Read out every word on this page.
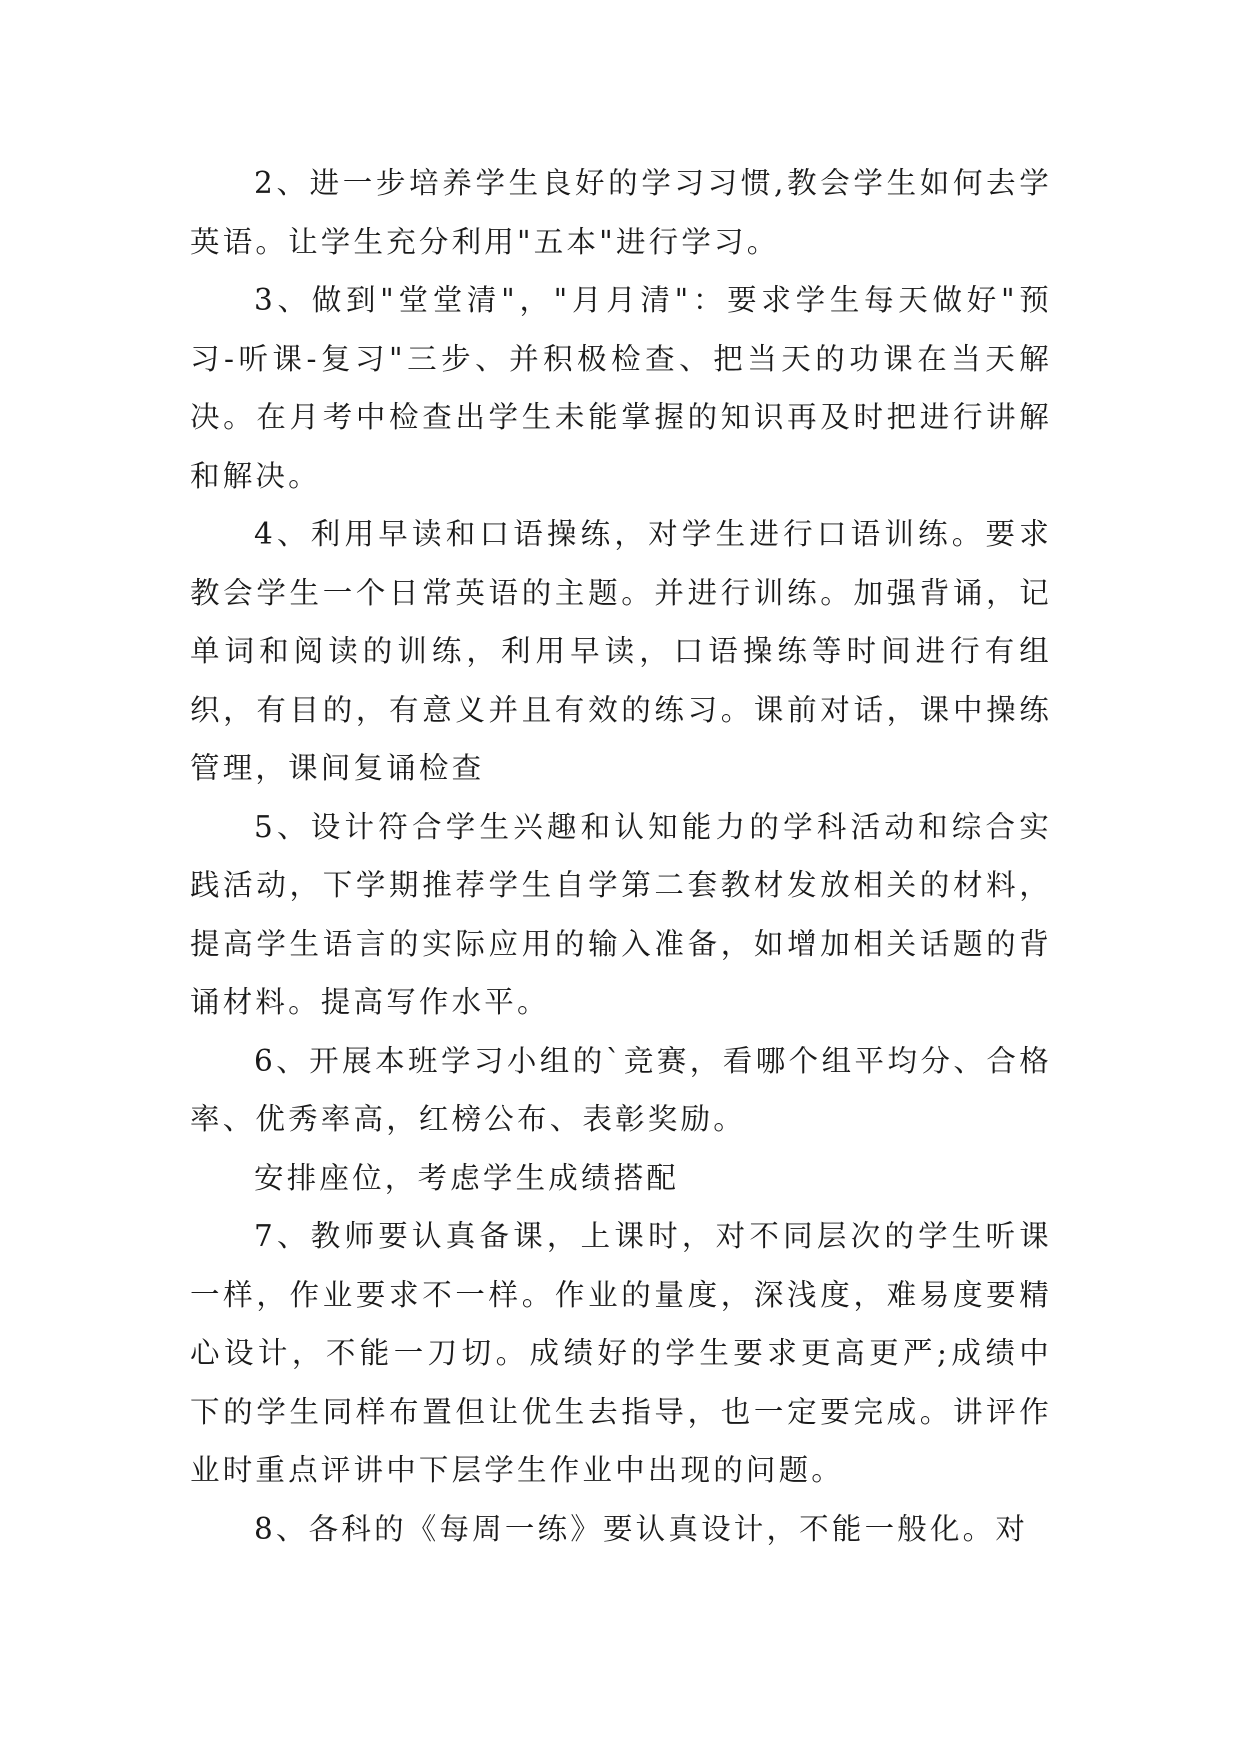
2、进一步培养学生良好的学习习惯,教会学生如何去学英语。让学生充分利用"五本"进行学习。

3、做到"堂堂清"，"月月清"：要求学生每天做好"预习-听课-复习"三步、并积极检查、把当天的功课在当天解决。在月考中检查出学生未能掌握的知识再及时把进行讲解和解决。

4、利用早读和口语操练，对学生进行口语训练。要求教会学生一个日常英语的主题。并进行训练。加强背诵，记单词和阅读的训练，利用早读，口语操练等时间进行有组织，有目的，有意义并且有效的练习。课前对话，课中操练管理，课间复诵检查

5、设计符合学生兴趣和认知能力的学科活动和综合实践活动，下学期推荐学生自学第二套教材发放相关的材料，提高学生语言的实际应用的输入准备，如增加相关话题的背诵材料。提高写作水平。

6、开展本班学习小组的`竞赛，看哪个组平均分、合格率、优秀率高，红榜公布、表彰奖励。

安排座位，考虑学生成绩搭配

7、教师要认真备课，上课时，对不同层次的学生听课一样，作业要求不一样。作业的量度，深浅度，难易度要精心设计，不能一刀切。成绩好的学生要求更高更严;成绩中下的学生同样布置但让优生去指导，也一定要完成。讲评作业时重点评讲中下层学生作业中出现的问题。

8、各科的《每周一练》要认真设计，不能一般化。对
